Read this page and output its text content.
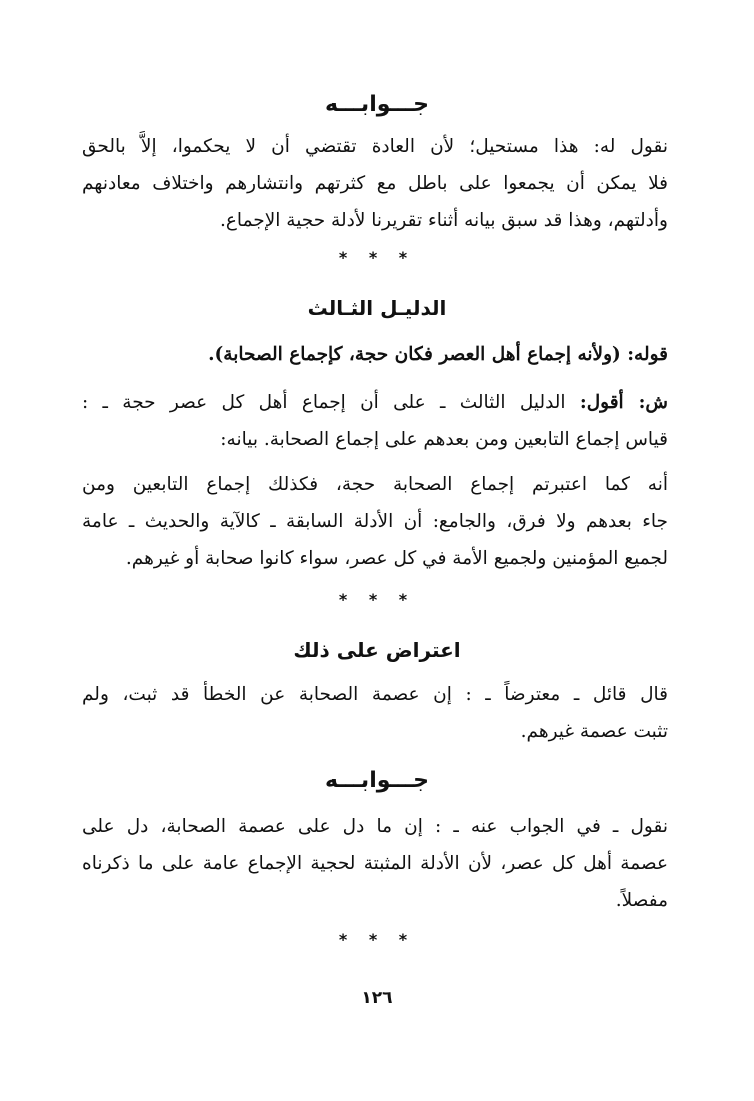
جـــوابـــه
نقول له: هذا مستحيل؛ لأن العادة تقتضي أن لا يحكموا، إلاَّ بالحق
فلا يمكن أن يجمعوا على باطل مع كثرتهم وانتشارهم واختلاف معادنهم
وأدلتهم، وهذا قد سبق بيانه أثناء تقريرنا لأدلة حجية الإجماع.
* * *
الدليـل الثـالث
قوله: (ولأنه إجماع أهل العصر فكان حجة، كإجماع الصحابة).
ش: أقول: الدليل الثالث ـ على أن إجماع أهل كل عصر حجة ـ :
قياس إجماع التابعين ومن بعدهم على إجماع الصحابة. بيانه:
أنه كما اعتبرتم إجماع الصحابة حجة، فكذلك إجماع التابعين ومن
جاء بعدهم ولا فرق، والجامع: أن الأدلة السابقة ـ كالآية والحديث ـ عامة
لجميع المؤمنين ولجميع الأمة في كل عصر، سواء كانوا صحابة أو غيرهم.
* * *
اعتراض على ذلك
قال قائل ـ معترضاً ـ : إن عصمة الصحابة عن الخطأ قد ثبت، ولم
تثبت عصمة غيرهم.
جـــوابـــه
نقول ـ في الجواب عنه ـ : إن ما دل على عصمة الصحابة، دل على
عصمة أهل كل عصر، لأن الأدلة المثبتة لحجية الإجماع عامة على ما ذكرناه
مفصلاً.
* * *
١٢٦
